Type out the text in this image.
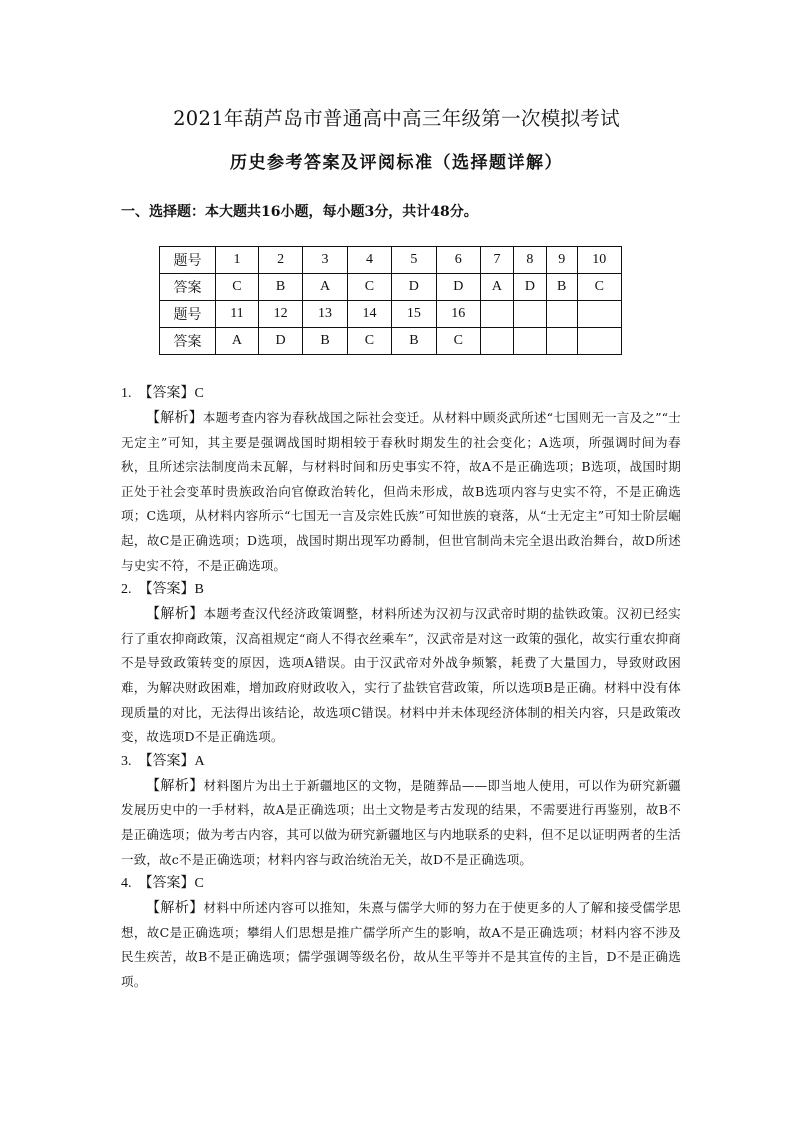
2021年葫芦岛市普通高中高三年级第一次模拟考试
历史参考答案及评阅标准（选择题详解）
一、选择题：本大题共16小题，每小题3分，共计48分。
题号	1	2	3	4	5	6	7	8	9	10
答案	C	B	A	C	D	D	A	D	B	C
题号	11	12	13	14	15	16				
答案	A	D	B	C	B	C				
1. 【答案】C
【解析】本题考查内容为春秋战国之际社会变迁。从材料中顾炎武所述“七国则无一言及之”“士无定主”可知，其主要是强调战国时期相较于春秋时期发生的社会变化；A选项，所强调时间为春秋，且所述宗法制度尚未瓦解，与材料时间和历史事实不符，故A不是正确选项；B选项，战国时期正处于社会变革时贵族政治向官僚政治转化，但尚未形成，故B选项内容与史实不符，不是正确选项；C选项，从材料内容所示“七国无一言及宗姓氏族”可知世族的衰落，从“士无定主”可知士阶层崛起，故C是正确选项；D选项，战国时期出现军功爵制，但世官制尚未完全退出政治舞台，故D所述与史实不符，不是正确选项。
2. 【答案】B
【解析】本题考查汉代经济政策调整，材料所述为汉初与汉武帝时期的盐铁政策。汉初已经实行了重农抑商政策，汉高祖规定“商人不得衣丝乘车”，汉武帝是对这一政策的强化，故实行重农抑商不是导致政策转变的原因，选项A错误。由于汉武帝对外战争频繁，耗费了大量国力，导致财政困难，为解决财政困难，增加政府财政收入，实行了盐铁官营政策，所以选项B是正确。材料中没有体现质量的对比，无法得出该结论，故选项C错误。材料中并未体现经济体制的相关内容，只是政策改变，故选项D不是正确选项。
3. 【答案】A
【解析】材料图片为出土于新疆地区的文物，是随葬品——即当地人使用，可以作为研究新疆发展历史中的一手材料，故A是正确选项；出土文物是考古发现的结果，不需要进行再鉴别，故B不是正确选项；做为考古内容，其可以做为研究新疆地区与内地联系的史料，但不足以证明两者的生活一致，故c不是正确选项；材料内容与政治统治无关，故D不是正确选项。
4. 【答案】C
【解析】材料中所述内容可以推知，朱熹与儒学大师的努力在于使更多的人了解和接受儒学思想，故C是正确选项；攀绢人们思想是推广儒学所产生的影响，故A不是正确选项；材料内容不涉及民生疾苦，故B不是正确选项；儒学强调等级名份，故从生平等并不是其宣传的主旨，D不是正确选项。
